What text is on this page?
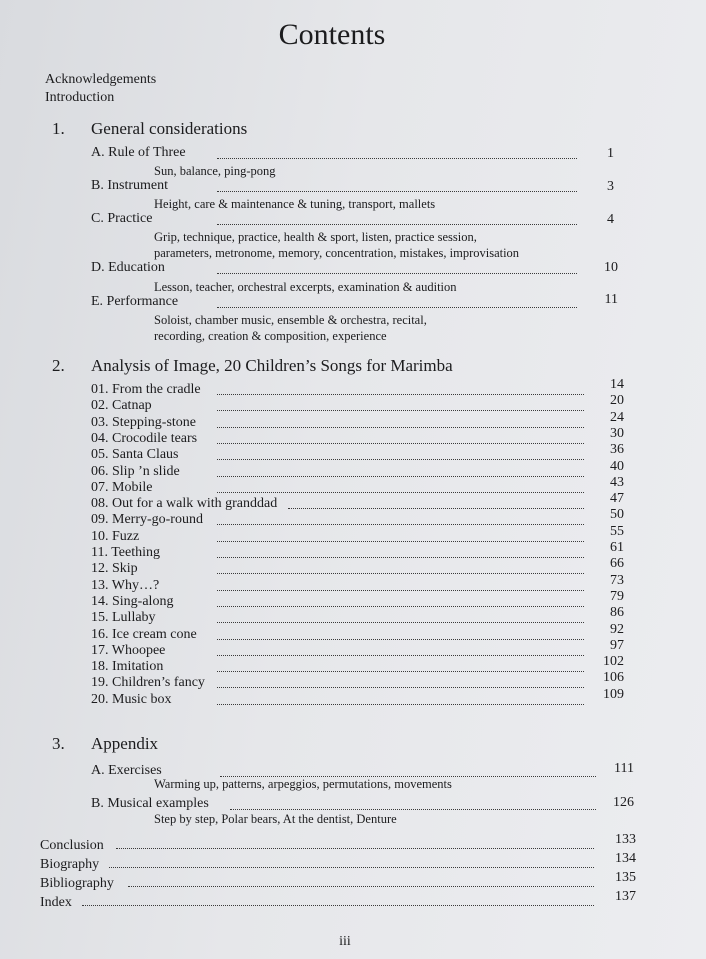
Contents
Acknowledgements
Introduction
1. General considerations
A. Rule of Three	1
Sun, balance, ping-pong
B. Instrument	3
Height, care & maintenance & tuning, transport, mallets
C. Practice	4
Grip, technique, practice, health & sport, listen, practice session,
parameters, metronome, memory, concentration, mistakes, improvisation
D. Education	10
Lesson, teacher, orchestral excerpts, examination & audition
E. Performance	11
Soloist, chamber music, ensemble & orchestra, recital,
recording, creation & composition, experience
2. Analysis of Image, 20 Children’s Songs for Marimba
01. From the cradle	14
02. Catnap	20
03. Stepping-stone	24
04. Crocodile tears	30
05. Santa Claus	36
06. Slip ’n slide	40
07. Mobile	43
08. Out for a walk with granddad	47
09. Merry-go-round	50
10. Fuzz	55
11. Teething	61
12. Skip	66
13. Why…?	73
14. Sing-along	79
15. Lullaby	86
16. Ice cream cone	92
17. Whoopee	97
18. Imitation	102
19. Children’s fancy	106
20. Music box	109
3. Appendix
A. Exercises	111
Warming up, patterns, arpeggios, permutations, movements
B. Musical examples	126
Step by step, Polar bears, At the dentist, Denture
Conclusion	133
Biography	134
Bibliography	135
Index	137
iii
